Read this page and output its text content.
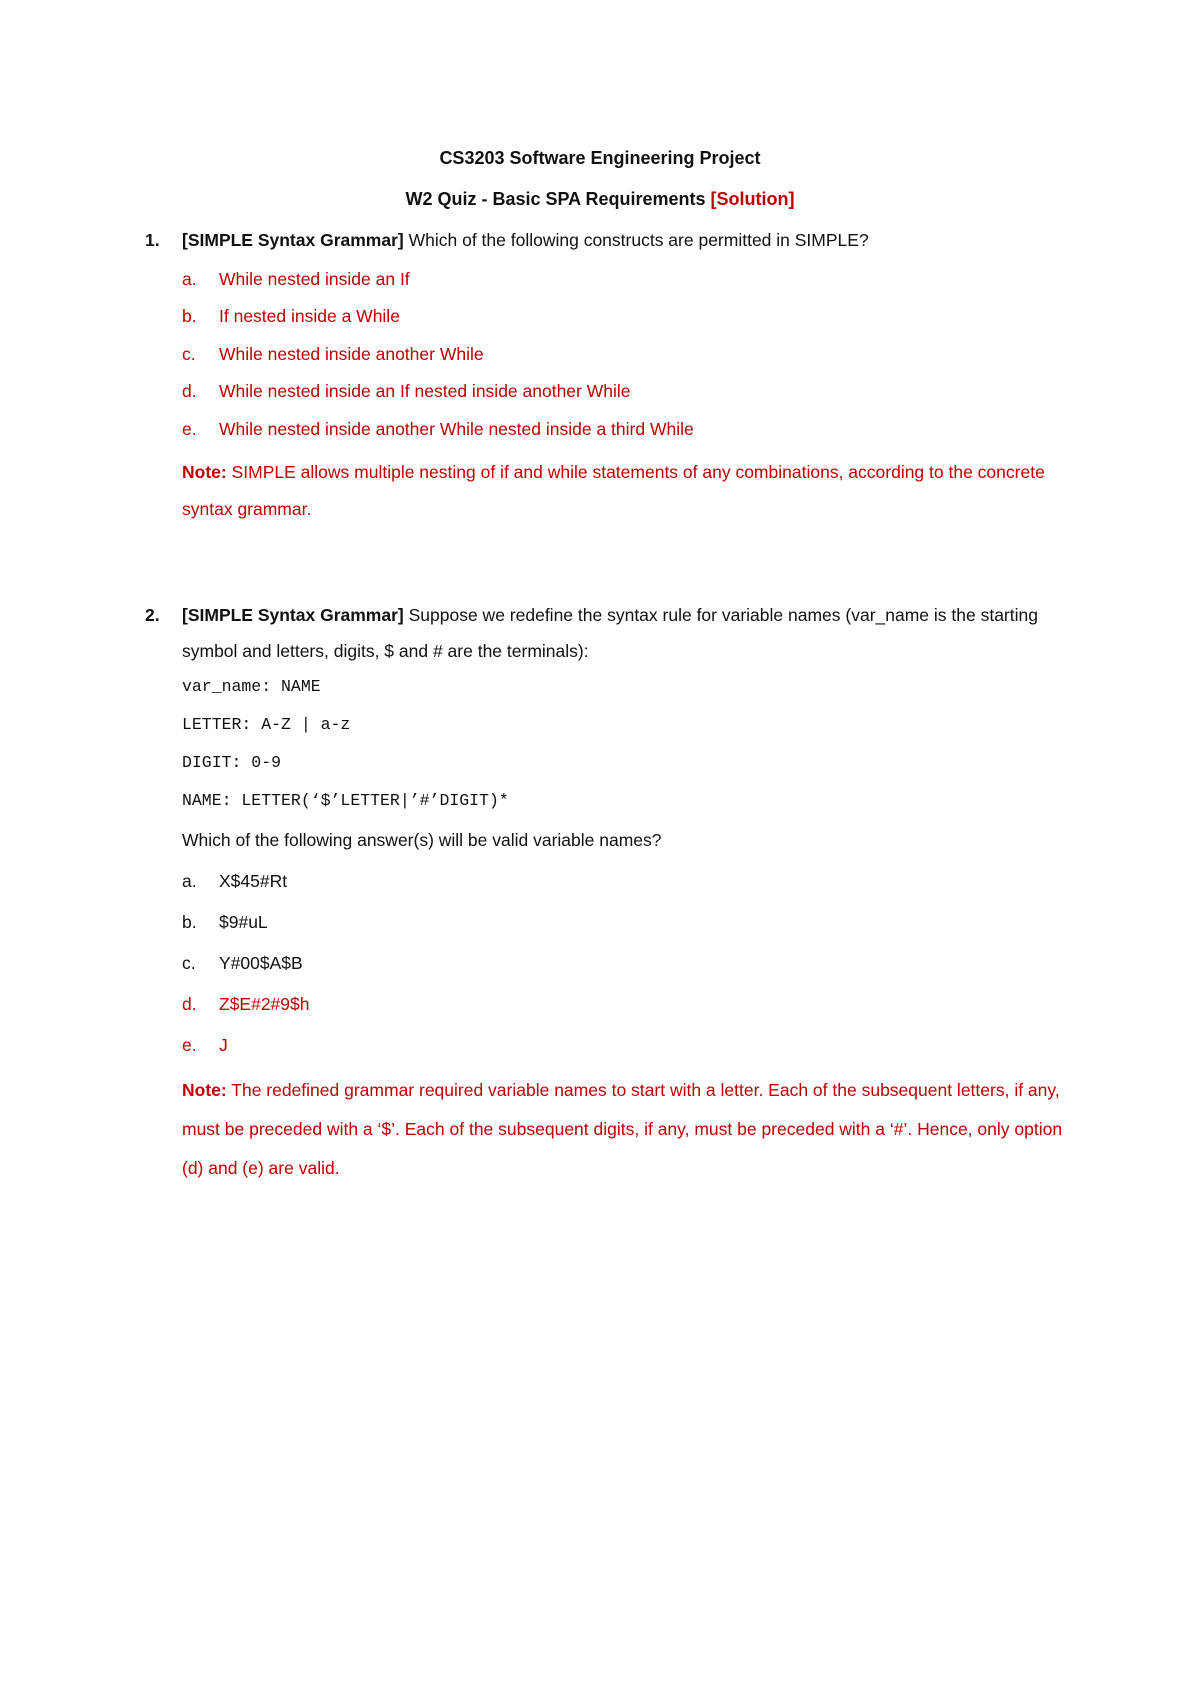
CS3203 Software Engineering Project
W2 Quiz - Basic SPA Requirements [Solution]
1. [SIMPLE Syntax Grammar] Which of the following constructs are permitted in SIMPLE?
a. While nested inside an If
b. If nested inside a While
c. While nested inside another While
d. While nested inside an If nested inside another While
e. While nested inside another While nested inside a third While
Note: SIMPLE allows multiple nesting of if and while statements of any combinations, according to the concrete syntax grammar.
2. [SIMPLE Syntax Grammar] Suppose we redefine the syntax rule for variable names (var_name is the starting symbol and letters, digits, $ and # are the terminals):
var_name: NAME
LETTER: A-Z | a-z
DIGIT: 0-9
NAME: LETTER(‘$’LETTER|’#’DIGIT)*
Which of the following answer(s) will be valid variable names?
a. X$45#Rt
b. $9#uL
c. Y#00$A$B
d. Z$E#2#9$h
e. J
Note: The redefined grammar required variable names to start with a letter. Each of the subsequent letters, if any, must be preceded with a ‘$’. Each of the subsequent digits, if any, must be preceded with a ‘#’. Hence, only option (d) and (e) are valid.
